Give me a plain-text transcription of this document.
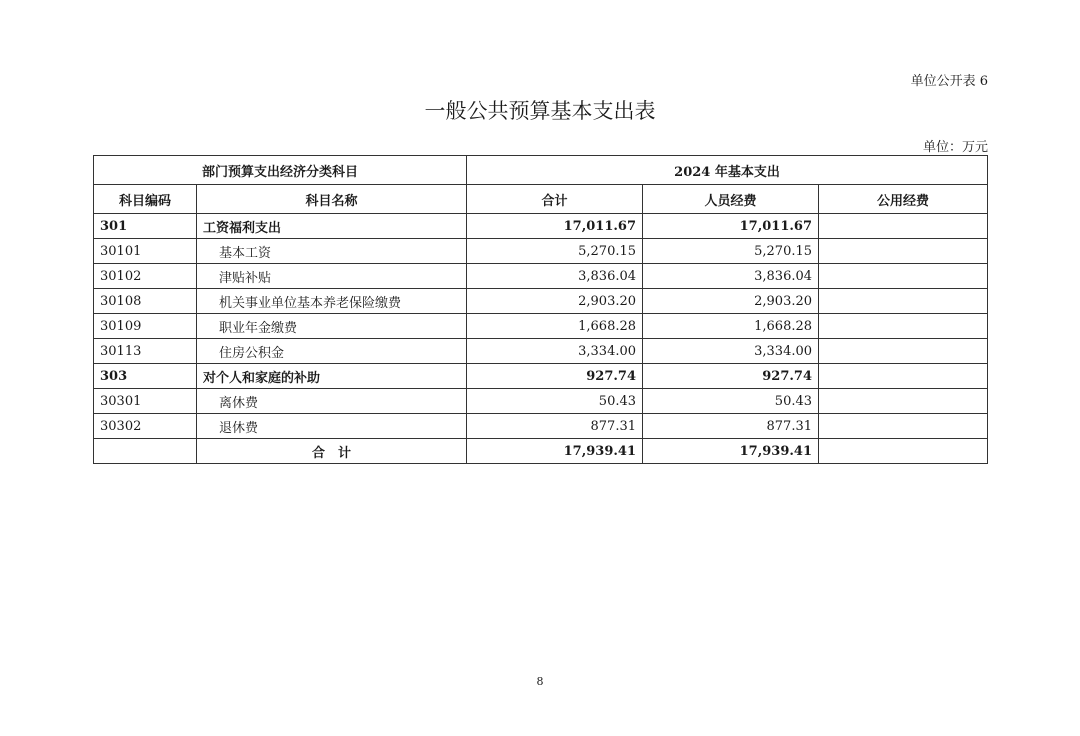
单位公开表 6
一般公共预算基本支出表
单位：万元
部门预算支出经济分类科目		2024 年基本支出		
科目编码	科目名称	合计	人员经费	公用经费
301	工资福利支出	17,011.67	17,011.67	
30101	基本工资	5,270.15	5,270.15	
30102	津贴补贴	3,836.04	3,836.04	
30108	机关事业单位基本养老保险缴费	2,903.20	2,903.20	
30109	职业年金缴费	1,668.28	1,668.28	
30113	住房公积金	3,334.00	3,334.00	
303	对个人和家庭的补助	927.74	927.74	
30301	离休费	50.43	50.43	
30302	退休费	877.31	877.31	
	合　计	17,939.41	17,939.41	
8
